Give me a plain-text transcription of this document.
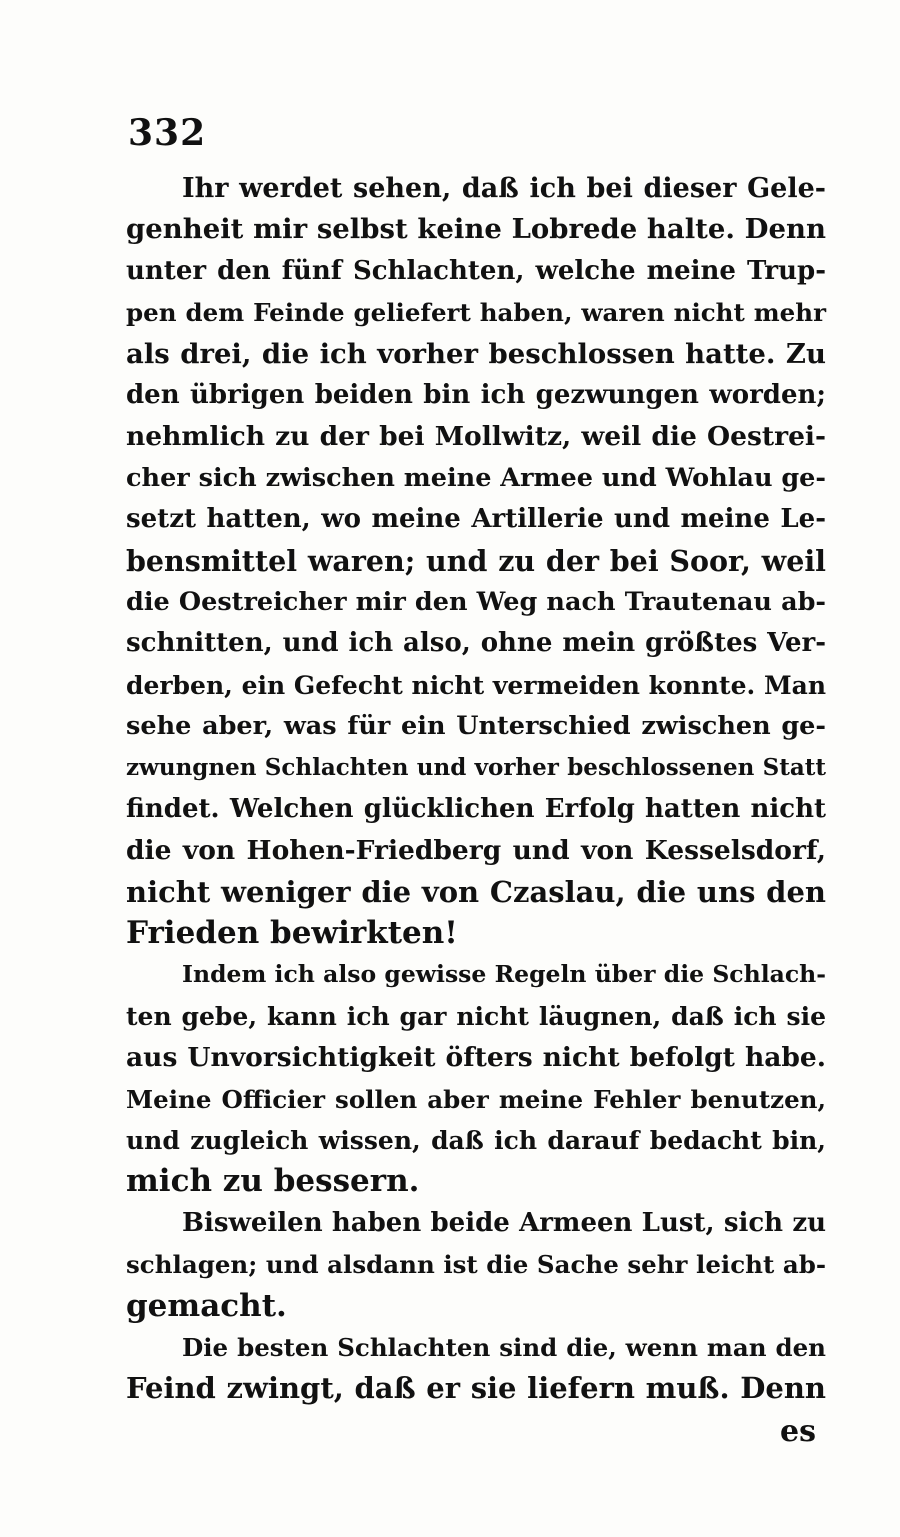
332
Ihr werdet sehen, daß ich bei dieser Gele-
genheit mir selbst keine Lobrede halte. Denn
unter den fünf Schlachten, welche meine Trup-
pen dem Feinde geliefert haben, waren nicht mehr
als drei, die ich vorher beschlossen hatte. Zu
den übrigen beiden bin ich gezwungen worden;
nehmlich zu der bei Mollwitz, weil die Oestrei-
cher sich zwischen meine Armee und Wohlau ge-
setzt hatten, wo meine Artillerie und meine Le-
bensmittel waren; und zu der bei Soor, weil
die Oestreicher mir den Weg nach Trautenau ab-
schnitten, und ich also, ohne mein größtes Ver-
derben, ein Gefecht nicht vermeiden konnte. Man
sehe aber, was für ein Unterschied zwischen ge-
zwungnen Schlachten und vorher beschlossenen Statt
findet. Welchen glücklichen Erfolg hatten nicht
die von Hohen-Friedberg und von Kesselsdorf,
nicht weniger die von Czaslau, die uns den
Frieden bewirkten!
Indem ich also gewisse Regeln über die Schlach-
ten gebe, kann ich gar nicht läugnen, daß ich sie
aus Unvorsichtigkeit öfters nicht befolgt habe.
Meine Officier sollen aber meine Fehler benutzen,
und zugleich wissen, daß ich darauf bedacht bin,
mich zu bessern.
Bisweilen haben beide Armeen Lust, sich zu
schlagen; und alsdann ist die Sache sehr leicht ab-
gemacht.
Die besten Schlachten sind die, wenn man den
Feind zwingt, daß er sie liefern muß. Denn
es
